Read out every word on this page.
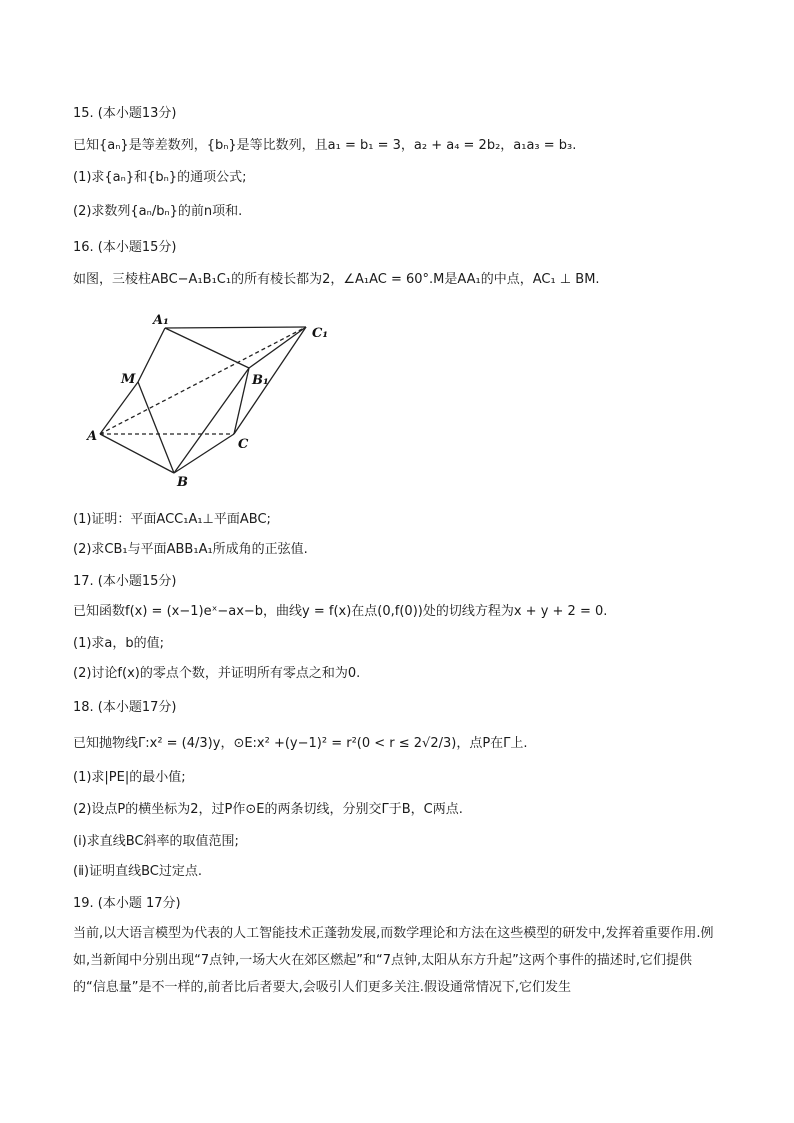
15. (本小题13分)
已知{aₙ}是等差数列，{bₙ}是等比数列，且a₁ = b₁ = 3，a₂ + a₄ = 2b₂，a₁a₃ = b₃.
(1)求{aₙ}和{bₙ}的通项公式;
(2)求数列{aₙ/bₙ}的前n项和.
16. (本小题15分)
如图，三棱柱ABC−A₁B₁C₁的所有棱长都为2，∠A₁AC = 60°.M是AA₁的中点，AC₁ ⊥ BM.
A₁
C₁
M	B₁
A
C
B
(1)证明：平面ACC₁A₁⊥平面ABC;
(2)求CB₁与平面ABB₁A₁所成角的正弦值.
17. (本小题15分)
已知函数f(x) = (x−1)eˣ−ax−b，曲线y = f(x)在点(0,f(0))处的切线方程为x + y + 2 = 0.
(1)求a，b的值;
(2)讨论f(x)的零点个数，并证明所有零点之和为0.
18. (本小题17分)
已知抛物线Γ:x² = (4/3)y，⊙E:x² +(y−1)² = r²(0 < r ≤ 2√2/3)，点P在Γ上.
(1)求|PE|的最小值;
(2)设点P的横坐标为2，过P作⊙E的两条切线，分别交Γ于B，C两点.
(ⅰ)求直线BC斜率的取值范围;
(ⅱ)证明直线BC过定点.
19. (本小题 17分)
当前,以大语言模型为代表的人工智能技术正蓬勃发展,而数学理论和方法在这些模型的研发中,发挥着重要作用.例如,当新闻中分别出现“7点钟,一场大火在郊区燃起”和“7点钟,太阳从东方升起”这两个事件的描述时,它们提供的“信息量”是不一样的,前者比后者要大,会吸引人们更多关注.假设通常情况下,它们发生
